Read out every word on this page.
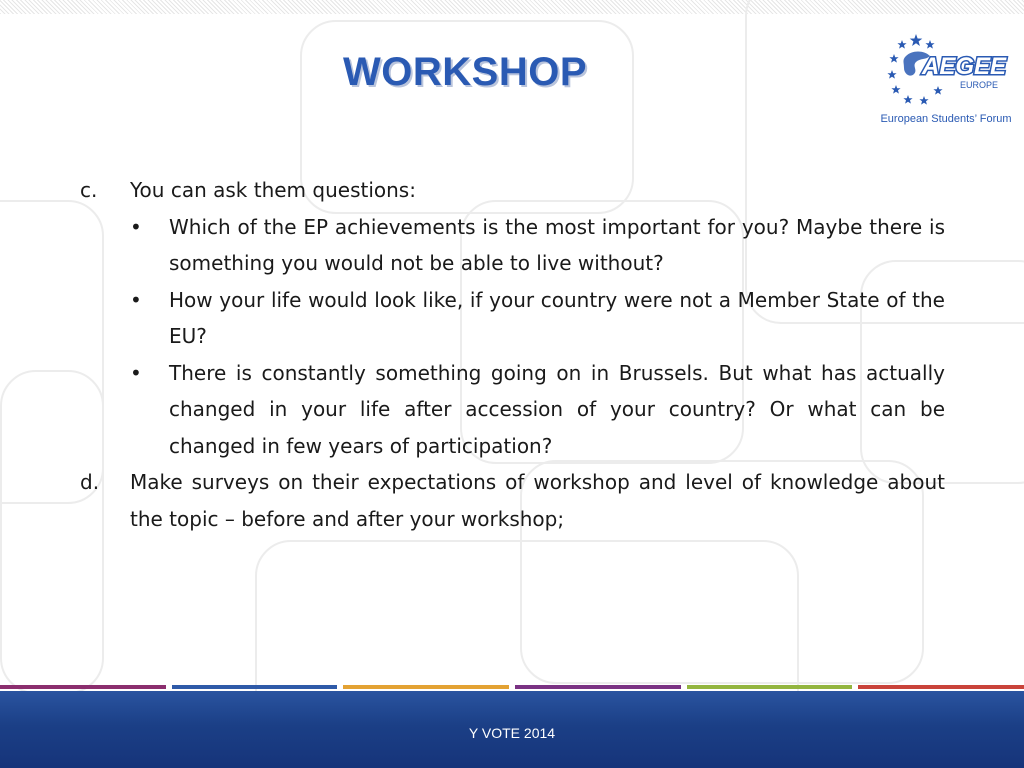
WORKSHOP	AEGEE
EUROPE
European Students’ Forum
c.	You can ask them questions:
•	Which of the EP achievements is the most important for you? Maybe there is something you would not be able to live without?
•	How your life would look like, if your country were not a Member State of the EU?
•	There is constantly something going on in Brussels. But what has actually changed in your life after accession of your country? Or what can be changed in few years of participation?
d.	Make surveys on their expectations of workshop and level of knowledge about the topic – before and after your workshop;
Y VOTE 2014
